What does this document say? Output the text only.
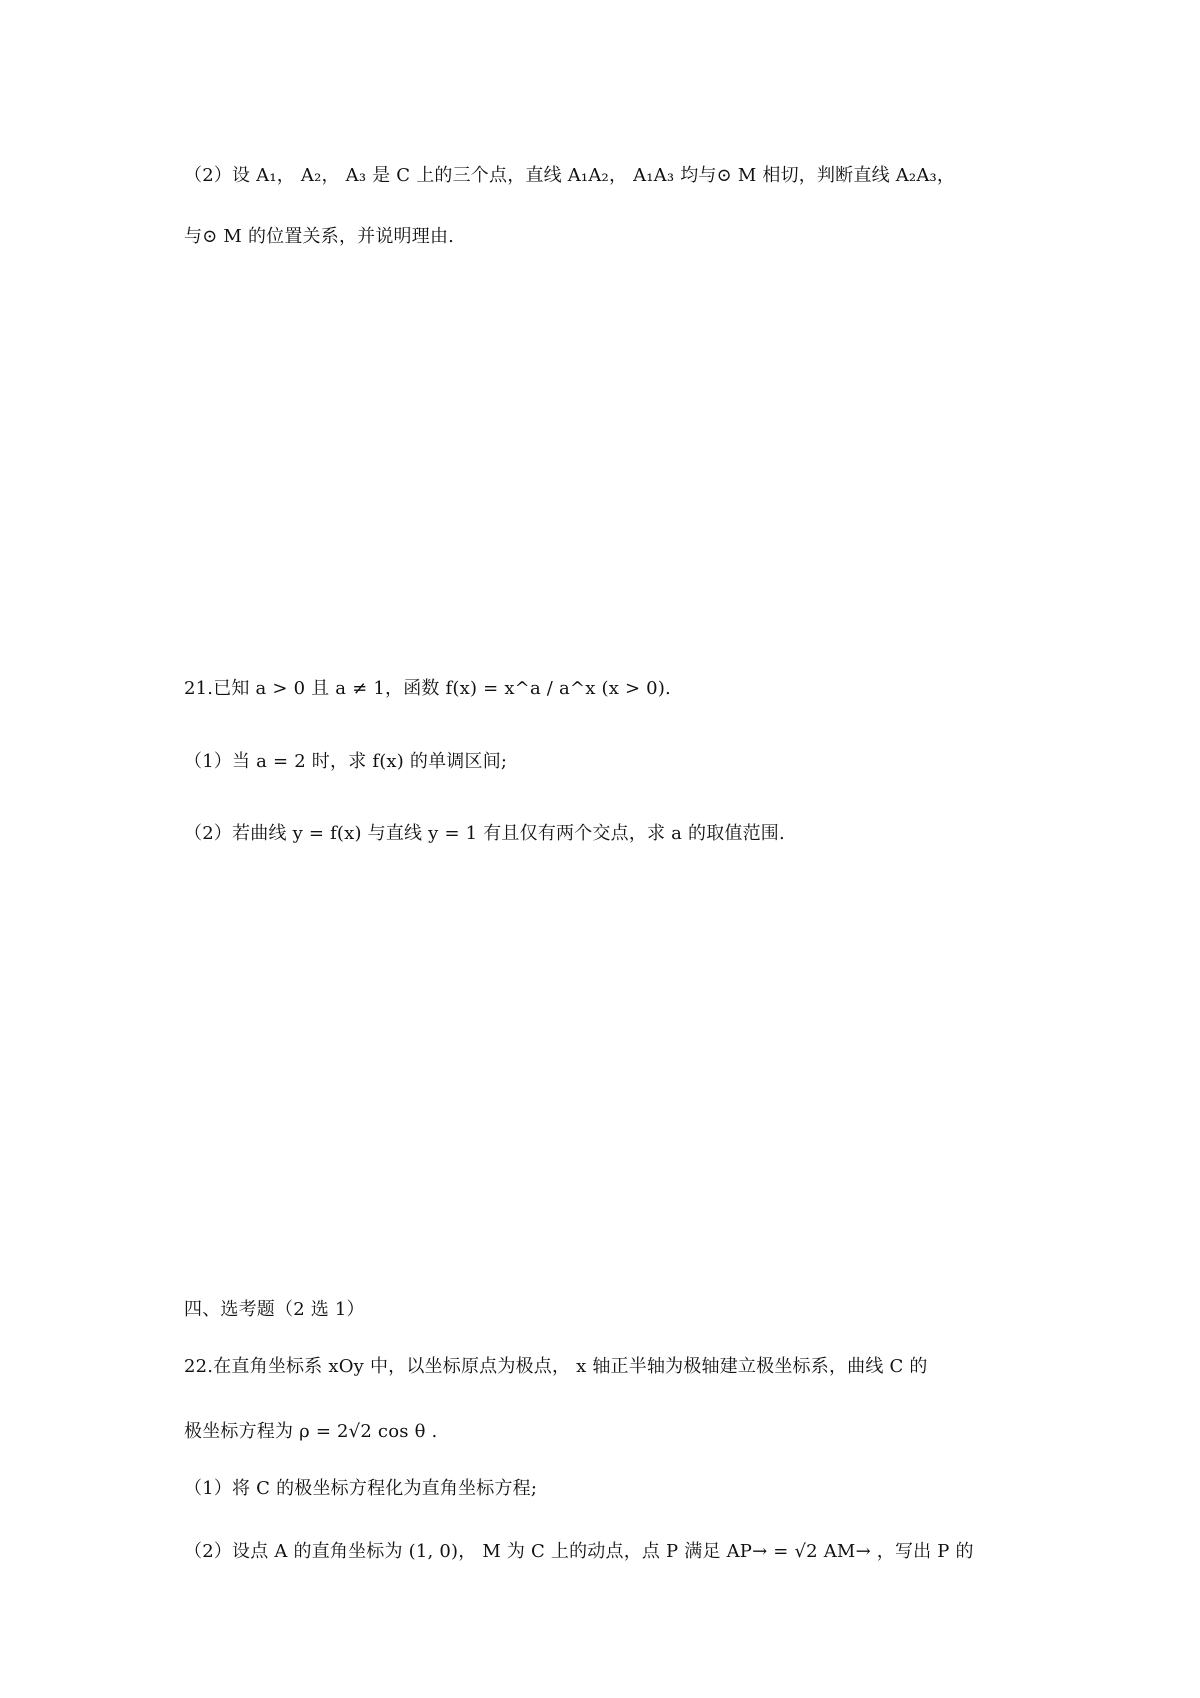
（2）设 A₁， A₂， A₃ 是 C 上的三个点，直线 A₁A₂， A₁A₃ 均与⊙ M 相切，判断直线 A₂A₃，
与⊙ M 的位置关系，并说明理由.
21.已知 a > 0 且 a ≠ 1，函数 f(x) = x^a / a^x (x > 0).
（1）当 a = 2 时，求 f(x) 的单调区间;
（2）若曲线 y = f(x) 与直线 y = 1 有且仅有两个交点，求 a 的取值范围.
四、选考题（2 选 1）
22.在直角坐标系 xOy 中，以坐标原点为极点， x 轴正半轴为极轴建立极坐标系，曲线 C 的
极坐标方程为 ρ = 2√2 cos θ .
（1）将 C 的极坐标方程化为直角坐标方程;
（2）设点 A 的直角坐标为 (1, 0)， M 为 C 上的动点，点 P 满足 AP→ = √2 AM→ ，写出 P 的
